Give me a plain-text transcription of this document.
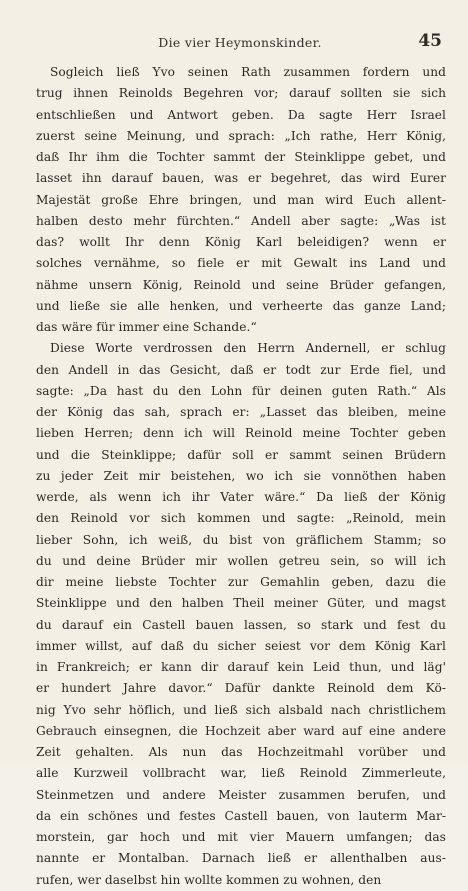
Die vier Heymonskinder.	45
Sogleich ließ Yvo seinen Rath zusammen fordern und
trug ihnen Reinolds Begehren vor; darauf sollten sie sich
entschließen und Antwort geben. Da sagte Herr Israel
zuerst seine Meinung, und sprach: „Ich rathe, Herr König,
daß Ihr ihm die Tochter sammt der Steinklippe gebet, und
lasset ihn darauf bauen, was er begehret, das wird Eurer
Majestät große Ehre bringen, und man wird Euch allent-
halben desto mehr fürchten.“ Andell aber sagte: „Was ist
das? wollt Ihr denn König Karl beleidigen? wenn er
solches vernähme, so fiele er mit Gewalt ins Land und
nähme unsern König, Reinold und seine Brüder gefangen,
und ließe sie alle henken, und verheerte das ganze Land;
das wäre für immer eine Schande.“
Diese Worte verdrossen den Herrn Andernell, er schlug
den Andell in das Gesicht, daß er todt zur Erde fiel, und
sagte: „Da hast du den Lohn für deinen guten Rath.“ Als
der König das sah, sprach er: „Lasset das bleiben, meine
lieben Herren; denn ich will Reinold meine Tochter geben
und die Steinklippe; dafür soll er sammt seinen Brüdern
zu jeder Zeit mir beistehen, wo ich sie vonnöthen haben
werde, als wenn ich ihr Vater wäre.“ Da ließ der König
den Reinold vor sich kommen und sagte: „Reinold, mein
lieber Sohn, ich weiß, du bist von gräflichem Stamm; so
du und deine Brüder mir wollen getreu sein, so will ich
dir meine liebste Tochter zur Gemahlin geben, dazu die
Steinklippe und den halben Theil meiner Güter, und magst
du darauf ein Castell bauen lassen, so stark und fest du
immer willst, auf daß du sicher seiest vor dem König Karl
in Frankreich; er kann dir darauf kein Leid thun, und läg'
er hundert Jahre davor.“ Dafür dankte Reinold dem Kö-
nig Yvo sehr höflich, und ließ sich alsbald nach christlichem
Gebrauch einsegnen, die Hochzeit aber ward auf eine andere
Zeit gehalten. Als nun das Hochzeitmahl vorüber und
alle Kurzweil vollbracht war, ließ Reinold Zimmerleute,
Steinmetzen und andere Meister zusammen berufen, und
da ein schönes und festes Castell bauen, von lauterm Mar-
morstein, gar hoch und mit vier Mauern umfangen; das
nannte er Montalban. Darnach ließ er allenthalben aus-
rufen, wer daselbst hin wollte kommen zu wohnen, den
